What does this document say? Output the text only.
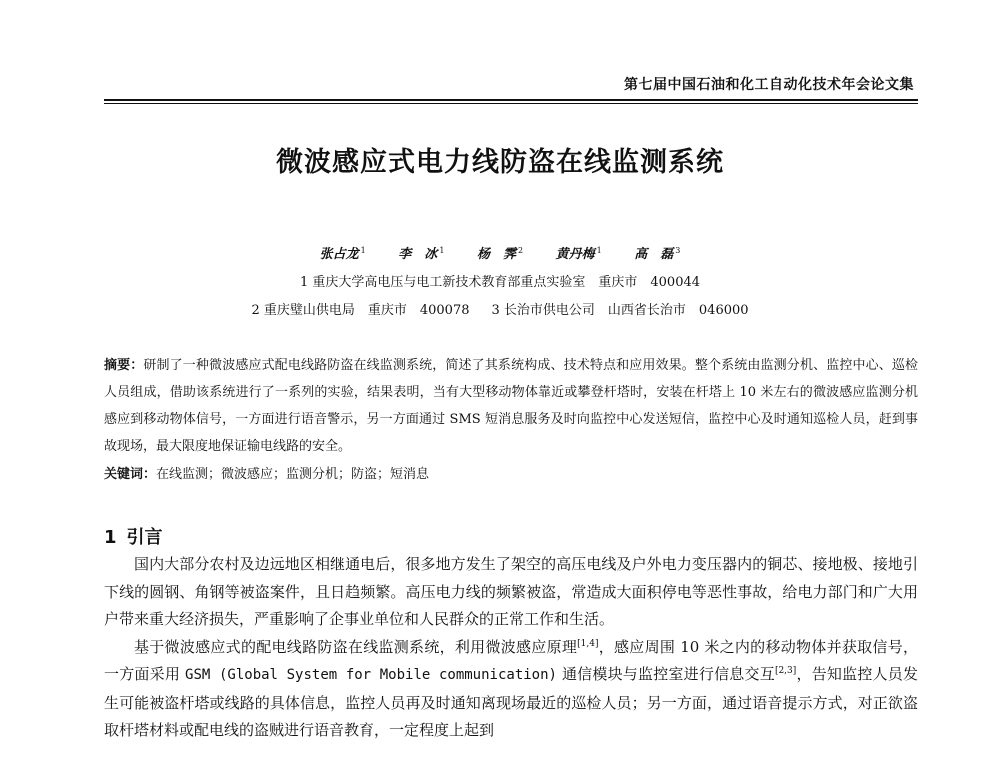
第七届中国石油和化工自动化技术年会论文集
微波感应式电力线防盗在线监测系统
张占龙 $^1$	李　冰 $^1$	杨　霁 $^2$	黄丹梅 $^1$	高　磊 $^3$
1 重庆大学高电压与电工新技术教育部重点实验室　重庆市　400044
2 重庆璧山供电局　重庆市　400078 3 长治市供电公司　山西省长治市　046000
摘要：研制了一种微波感应式配电线路防盗在线监测系统，简述了其系统构成、技术特点和应用效果。整个系统由监测分机、监控中心、巡检人员组成，借助该系统进行了一系列的实验，结果表明，当有大型移动物体靠近或攀登杆塔时，安装在杆塔上 10 米左右的微波感应监测分机感应到移动物体信号，一方面进行语音警示，另一方面通过 SMS 短消息服务及时向监控中心发送短信，监控中心及时通知巡检人员，赶到事故现场，最大限度地保证输电线路的安全。
关键词：在线监测；微波感应；监测分机；防盗；短消息
1 引言

国内大部分农村及边远地区相继通电后，很多地方发生了架空的高压电线及户外电力变压器内的铜芯、接地极、接地引下线的圆钢、角钢等被盗案件，且日趋频繁。高压电力线的频繁被盗，常造成大面积停电等恶性事故，给电力部门和广大用户带来重大经济损失，严重影响了企事业单位和人民群众的正常工作和生活。

基于微波感应式的配电线路防盗在线监测系统，利用微波感应原理[1,4]，感应周围 10 米之内的移动物体并获取信号，一方面采用 GSM (Global System for Mobile communication) 通信模块与监控室进行信息交互[2,3]，告知监控人员发生可能被盗杆塔或线路的具体信息，监控人员再及时通知离现场最近的巡检人员；另一方面，通过语音提示方式，对正欲盗取杆塔材料或配电线的盗贼进行语音教育，一定程度上起到
